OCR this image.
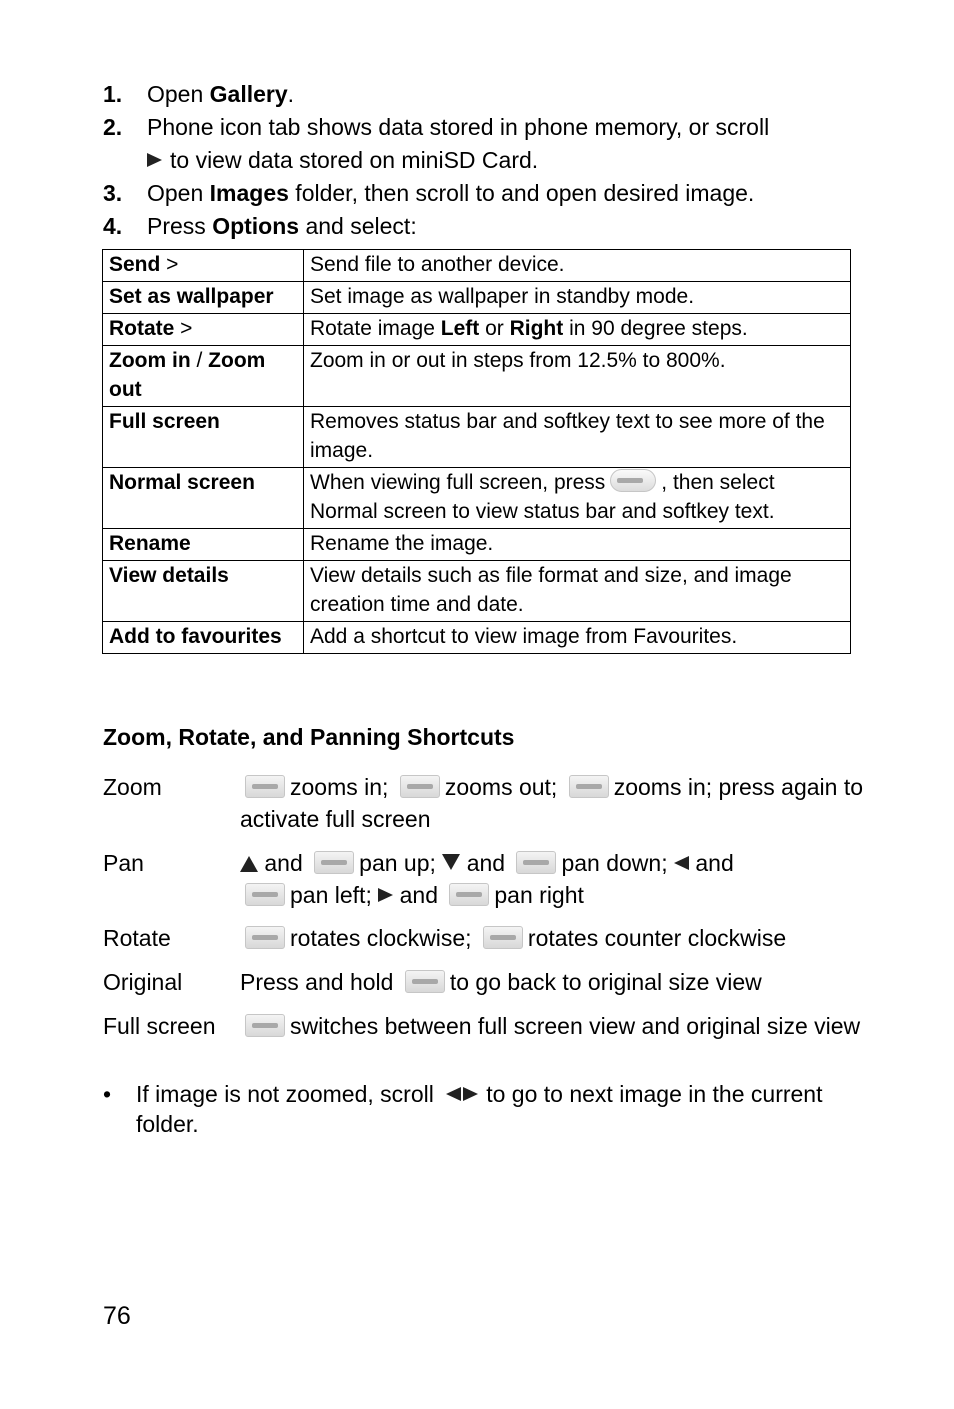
1. Open Gallery.
2. Phone icon tab shows data stored in phone memory, or scroll
to view data stored on miniSD Card.
3. Open Images folder, then scroll to and open desired image.
4. Press Options and select:
Send >	Send file to another device.
Set as wallpaper	Set image as wallpaper in standby mode.
Rotate >	Rotate image Left or Right in 90 degree steps.
Zoom in / Zoom out	Zoom in or out in steps from 12.5% to 800%.
Full screen	Removes status bar and softkey text to see more of the image.
Normal screen	When viewing full screen, press , then select Normal screen to view status bar and softkey text.
Rename	Rename the image.
View details	View details such as file format and size, and image creation time and date.
Add to favourites	Add a shortcut to view image from Favourites.
Zoom, Rotate, and Panning Shortcuts
Zoom	zooms in; zooms out; zooms in; press again to activate full screen
Pan	and pan up; and pan down; and
pan left; and pan right
Rotate	rotates clockwise; rotates counter clockwise
Original	Press and hold to go back to original size view
Full screen	switches between full screen view and original size view
• If image is not zoomed, scroll to go to next image in the current folder.
76
